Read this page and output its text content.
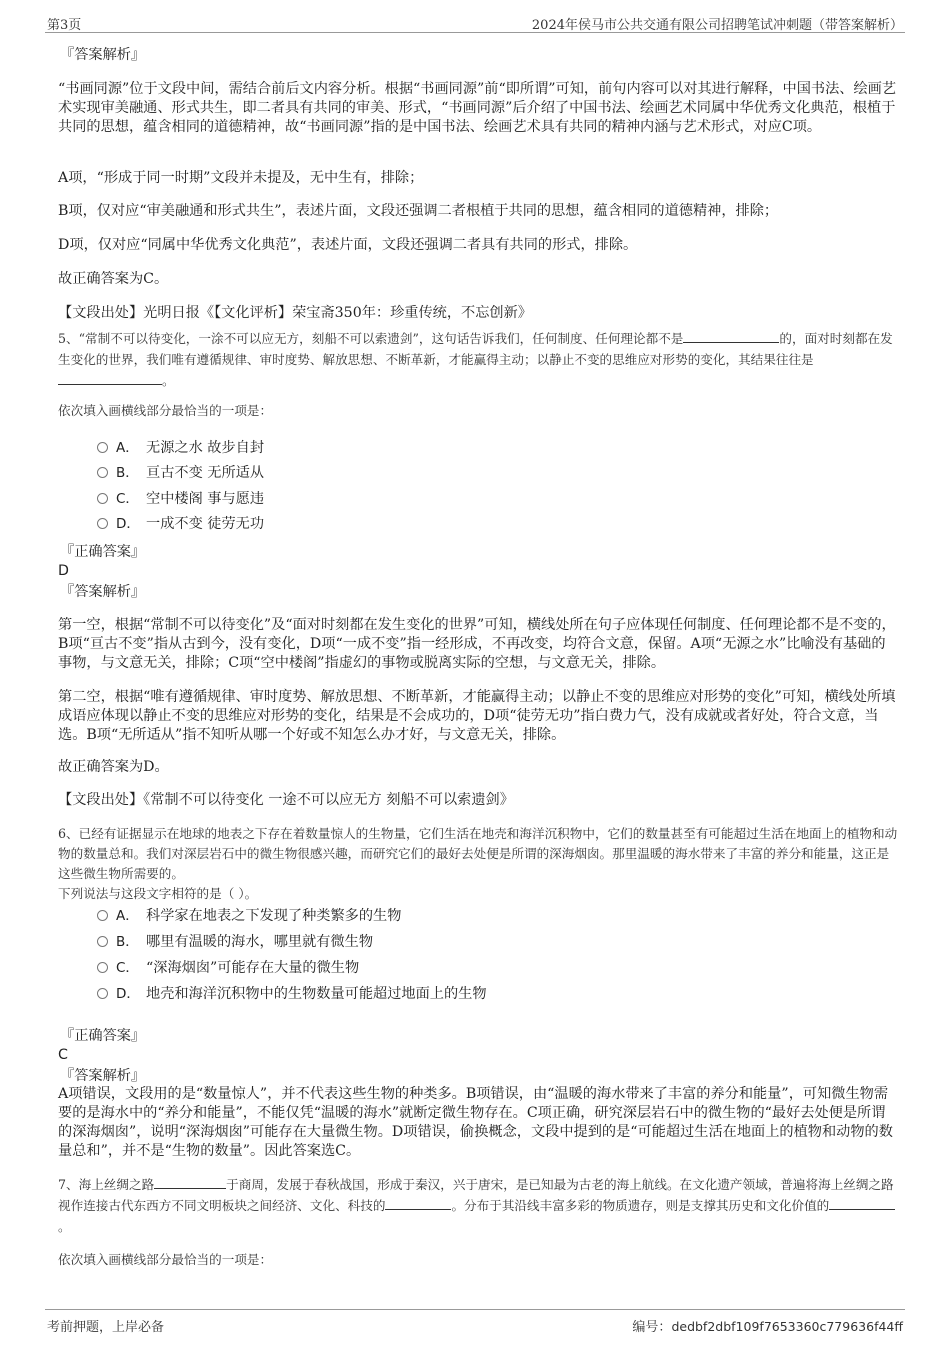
第3页	2024年侯马市公共交通有限公司招聘笔试冲刺题（带答案解析）
『答案解析』
“书画同源”位于文段中间，需结合前后文内容分析。根据“书画同源”前“即所谓”可知，前句内容可以对其进行解释，中国书法、绘画艺术实现审美融通、形式共生，即二者具有共同的审美、形式，“书画同源”后介绍了中国书法、绘画艺术同属中华优秀文化典范，根植于共同的思想，蕴含相同的道德精神，故“书画同源”指的是中国书法、绘画艺术具有共同的精神内涵与艺术形式，对应C项。
A项，“形成于同一时期”文段并未提及，无中生有，排除；
B项，仅对应“审美融通和形式共生”，表述片面，文段还强调二者根植于共同的思想，蕴含相同的道德精神，排除；
D项，仅对应“同属中华优秀文化典范”，表述片面，文段还强调二者具有共同的形式，排除。
故正确答案为C。
【文段出处】光明日报《【文化评析】荣宝斋350年：珍重传统，不忘创新》
5、“常制不可以待变化，一涂不可以应无方，刻船不可以索遗剑”，这句话告诉我们，任何制度、任何理论都不是	的，面对时刻都在发生变化的世界，我们唯有遵循规律、审时度势、解放思想、不断革新，才能赢得主动；以静止不变的思维应对形势的变化，其结果往往是。
依次填入画横线部分最恰当的一项是：
A． 无源之水 故步自封
B． 亘古不变 无所适从
C． 空中楼阁 事与愿违
D． 一成不变 徒劳无功
『正确答案』
D
『答案解析』
第一空，根据“常制不可以待变化”及“面对时刻都在发生变化的世界”可知，横线处所在句子应体现任何制度、任何理论都不是不变的，B项“亘古不变”指从古到今，没有变化，D项“一成不变”指一经形成，不再改变，均符合文意，保留。A项“无源之水”比喻没有基础的事物，与文意无关，排除；C项“空中楼阁”指虚幻的事物或脱离实际的空想，与文意无关，排除。
第二空，根据“唯有遵循规律、审时度势、解放思想、不断革新，才能赢得主动；以静止不变的思维应对形势的变化”可知，横线处所填成语应体现以静止不变的思维应对形势的变化，结果是不会成功的，D项“徒劳无功”指白费力气，没有成就或者好处，符合文意，当选。B项“无所适从”指不知听从哪一个好或不知怎么办才好，与文意无关，排除。
故正确答案为D。
【文段出处】《常制不可以待变化 一途不可以应无方 刻船不可以索遗剑》
6、已经有证据显示在地球的地表之下存在着数量惊人的生物量，它们生活在地壳和海洋沉积物中，它们的数量甚至有可能超过生活在地面上的植物和动物的数量总和。我们对深层岩石中的微生物很感兴趣，而研究它们的最好去处便是所谓的深海烟囱。那里温暖的海水带来了丰富的养分和能量，这正是这些微生物所需要的。
下列说法与这段文字相符的是（ ）。
A． 科学家在地表之下发现了种类繁多的生物
B． 哪里有温暖的海水，哪里就有微生物
C． “深海烟囱”可能存在大量的微生物
D． 地壳和海洋沉积物中的生物数量可能超过地面上的生物
『正确答案』
C
『答案解析』
A项错误，文段用的是“数量惊人”，并不代表这些生物的种类多。B项错误，由“温暖的海水带来了丰富的养分和能量”，可知微生物需要的是海水中的“养分和能量”，不能仅凭“温暖的海水”就断定微生物存在。C项正确，研究深层岩石中的微生物的“最好去处便是所谓的深海烟囱”，说明“深海烟囱”可能存在大量微生物。D项错误，偷换概念，文段中提到的是“可能超过生活在地面上的植物和动物的数量总和”，并不是“生物的数量”。因此答案选C。
7、海上丝绸之路	于商周，发展于春秋战国，形成于秦汉，兴于唐宋，是已知最为古老的海上航线。在文化遗产领域，普遍将海上丝绸之路视作连接古代东西方不同文明板块之间经济、文化、科技的	。分布于其沿线丰富多彩的物质遗存，则是支撑其历史和文化价值的。
依次填入画横线部分最恰当的一项是：
考前押题，上岸必备	编号：dedbf2dbf109f7653360c779636f44ff
